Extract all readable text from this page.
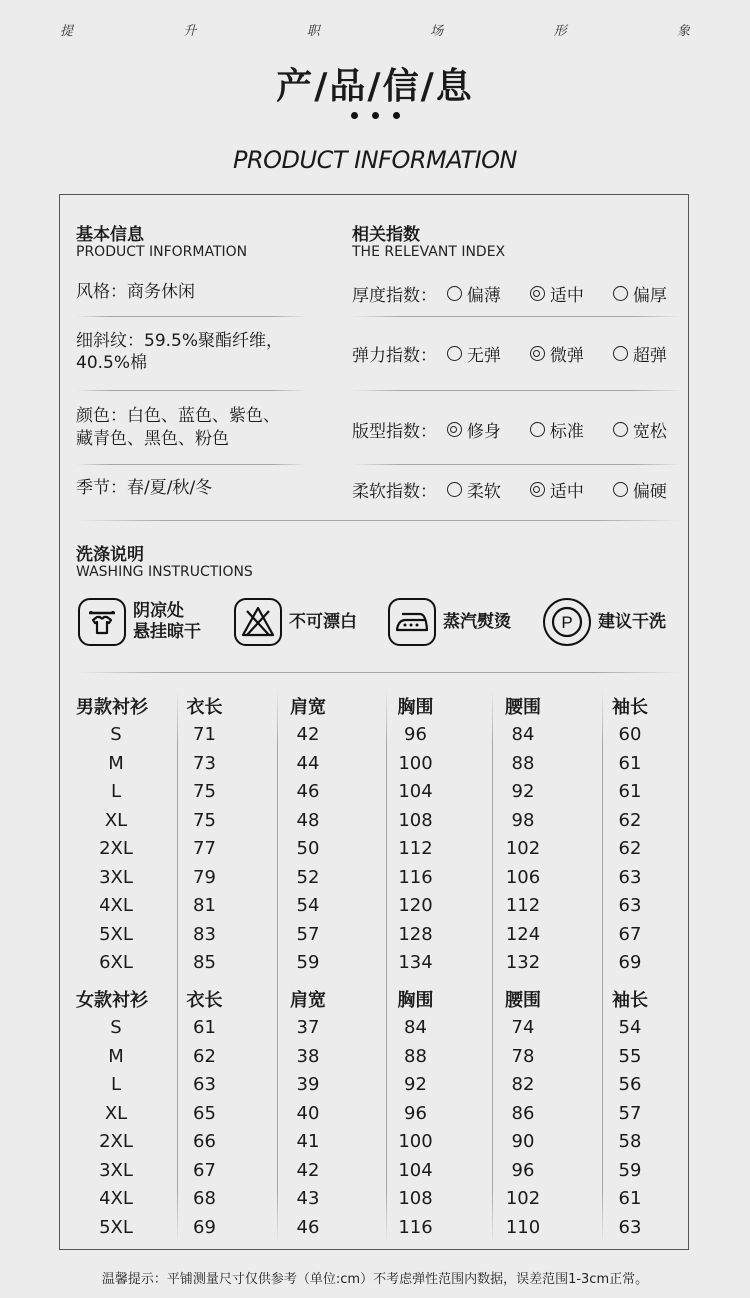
提	升	职	场	形	象
产/品/信/息
PRODUCT INFORMATION
基本信息
PRODUCT INFORMATION
风格：商务休闲
细斜纹：59.5%聚酯纤维，
40.5%棉
颜色：白色、蓝色、紫色、
藏青色、黑色、粉色
季节：春/夏/秋/冬
相关指数
THE RELEVANT INDEX
厚度指数：	偏薄	适中	偏厚
弹力指数：	无弹	微弹	超弹
版型指数：	修身	标准	宽松
柔软指数：	柔软	适中	偏硬
洗涤说明
WASHING INSTRUCTIONS
阴凉处
悬挂晾干
不可漂白	蒸汽熨烫	P 建议干洗
男款衬衫	衣长	肩宽	胸围	腰围	袖长
S	71	42	96	84	60
M	73	44	100	88	61
L	75	46	104	92	61
XL	75	48	108	98	62
2XL	77	50	112	102	62
3XL	79	52	116	106	63
4XL	81	54	120	112	63
5XL	83	57	128	124	67
6XL	85	59	134	132	69
女款衬衫	衣长	肩宽	胸围	腰围	袖长
S	61	37	84	74	54
M	62	38	88	78	55
L	63	39	92	82	56
XL	65	40	96	86	57
2XL	66	41	100	90	58
3XL	67	42	104	96	59
4XL	68	43	108	102	61
5XL	69	46	116	110	63
温馨提示：平铺测量尺寸仅供参考（单位:cm）不考虑弹性范围内数据，误差范围1-3cm正常。
